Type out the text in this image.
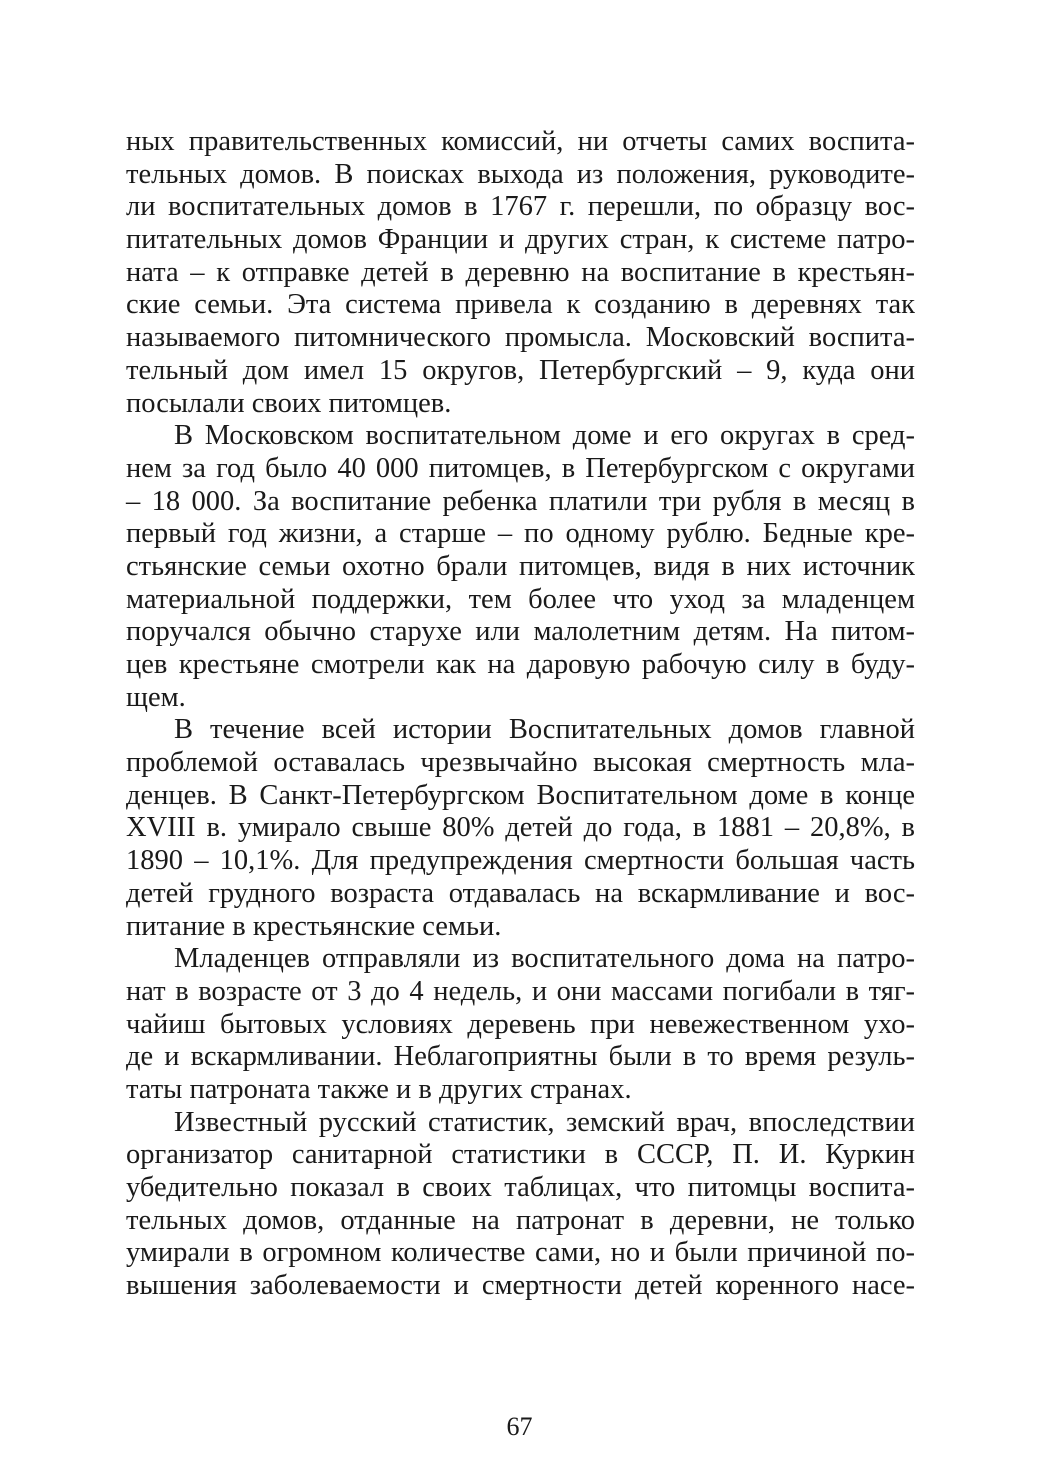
ных правительственных комиссий, ни отчеты самих воспита-
тельных домов. В поисках выхода из положения, руководите-
ли воспитательных домов в 1767 г. перешли, по образцу вос-
питательных домов Франции и других стран, к системе патро-
ната – к отправке детей в деревню на воспитание в крестьян-
ские семьи. Эта система привела к созданию в деревнях так
называемого питомнического промысла. Московский воспита-
тельный дом имел 15 округов, Петербургский – 9, куда они
посылали своих питомцев.
В Московском воспитательном доме и его округах в сред-
нем за год было 40 000 питомцев, в Петербургском с округами
– 18 000. За воспитание ребенка платили три рубля в месяц в
первый год жизни, а старше – по одному рублю. Бедные кре-
стьянские семьи охотно брали питомцев, видя в них источник
материальной поддержки, тем более что уход за младенцем
поручался обычно старухе или малолетним детям. На питом-
цев крестьяне смотрели как на даровую рабочую силу в буду-
щем.
В течение всей истории Воспитательных домов главной
проблемой оставалась чрезвычайно высокая смертность мла-
денцев. В Санкт-Петербургском Воспитательном доме в конце
XVIII в. умирало свыше 80% детей до года, в 1881 – 20,8%, в
1890 – 10,1%. Для предупреждения смертности большая часть
детей грудного возраста отдавалась на вскармливание и вос-
питание в крестьянские семьи.
Младенцев отправляли из воспитательного дома на патро-
нат в возрасте от 3 до 4 недель, и они массами погибали в тяг-
чайиш бытовых условиях деревень при невежественном ухо-
де и вскармливании. Неблагоприятны были в то время резуль-
таты патроната также и в других странах.
Известный русский статистик, земский врач, впоследствии
организатор санитарной статистики в СССР, П. И. Куркин
убедительно показал в своих таблицах, что питомцы воспита-
тельных домов, отданные на патронат в деревни, не только
умирали в огромном количестве сами, но и были причиной по-
вышения заболеваемости и смертности детей коренного насе-
67
